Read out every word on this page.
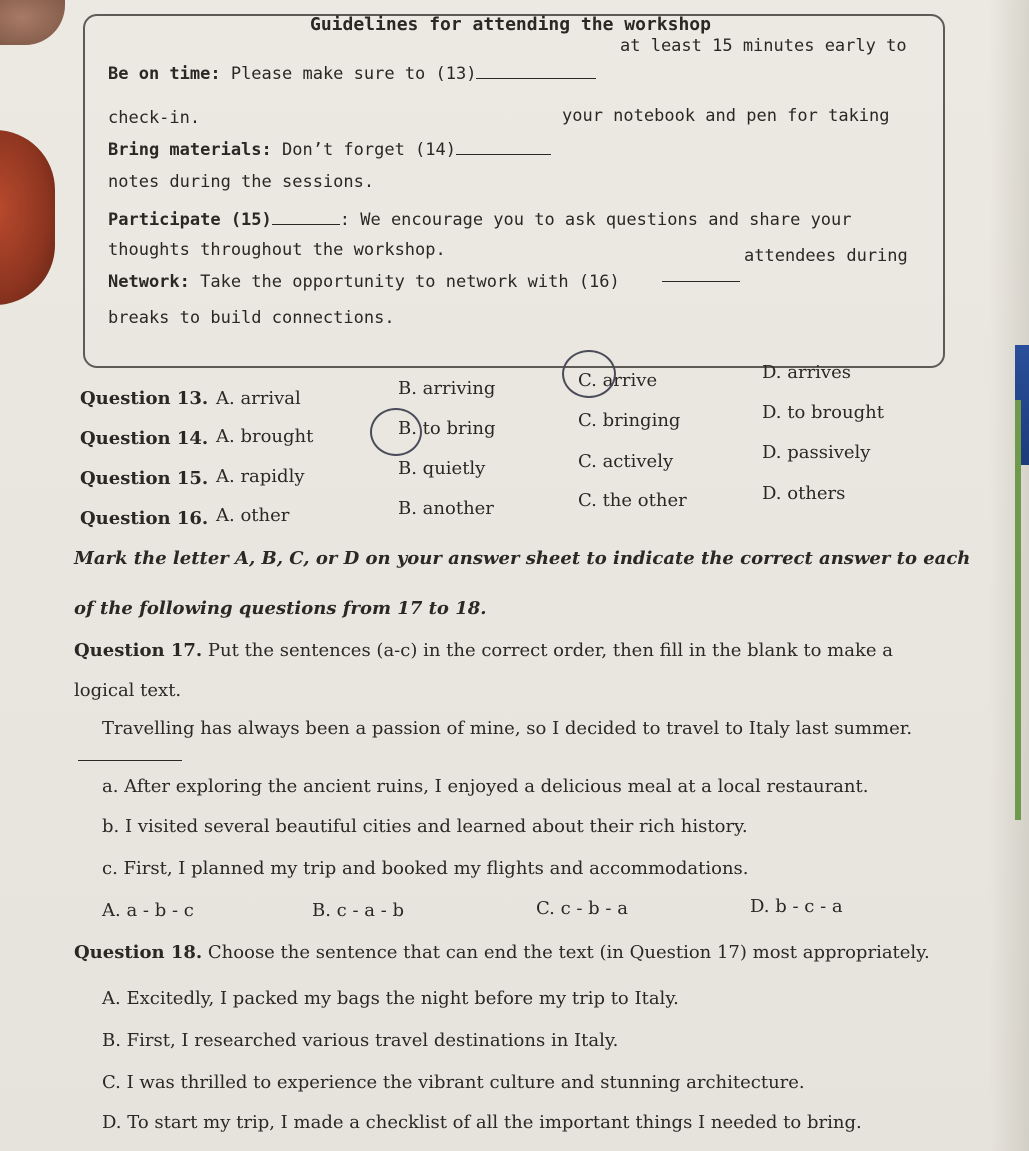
Guidelines for attending the workshop
Be on time: Please make sure to (13)
at least 15 minutes early to
check-in.
Bring materials: Don’t forget (14)
your notebook and pen for taking
notes during the sessions.
Participate (15)	: We encourage you to ask questions and share your
thoughts throughout the workshop.
Network: Take the opportunity to network with (16)
attendees during
breaks to build connections.
Question 13. A. arrival	B. arriving	C. arrive	D. arrives
Question 14. A. brought	B. to bring	C. bringing	D. to brought
Question 15. A. rapidly	B. quietly	C. actively	D. passively
Question 16. A. other	B. another	C. the other	D. others
Mark the letter A, B, C, or D on your answer sheet to indicate the correct answer to each
of the following questions from 17 to 18.
Question 17. Put the sentences (a-c) in the correct order, then fill in the blank to make a
logical text.
Travelling has always been a passion of mine, so I decided to travel to Italy last summer.
a. After exploring the ancient ruins, I enjoyed a delicious meal at a local restaurant.
b. I visited several beautiful cities and learned about their rich history.
c. First, I planned my trip and booked my flights and accommodations.
A. a - b - c	B. c - a - b	C. c - b - a	D. b - c - a
Question 18. Choose the sentence that can end the text (in Question 17) most appropriately.
A. Excitedly, I packed my bags the night before my trip to Italy.
B. First, I researched various travel destinations in Italy.
C. I was thrilled to experience the vibrant culture and stunning architecture.
D. To start my trip, I made a checklist of all the important things I needed to bring.
